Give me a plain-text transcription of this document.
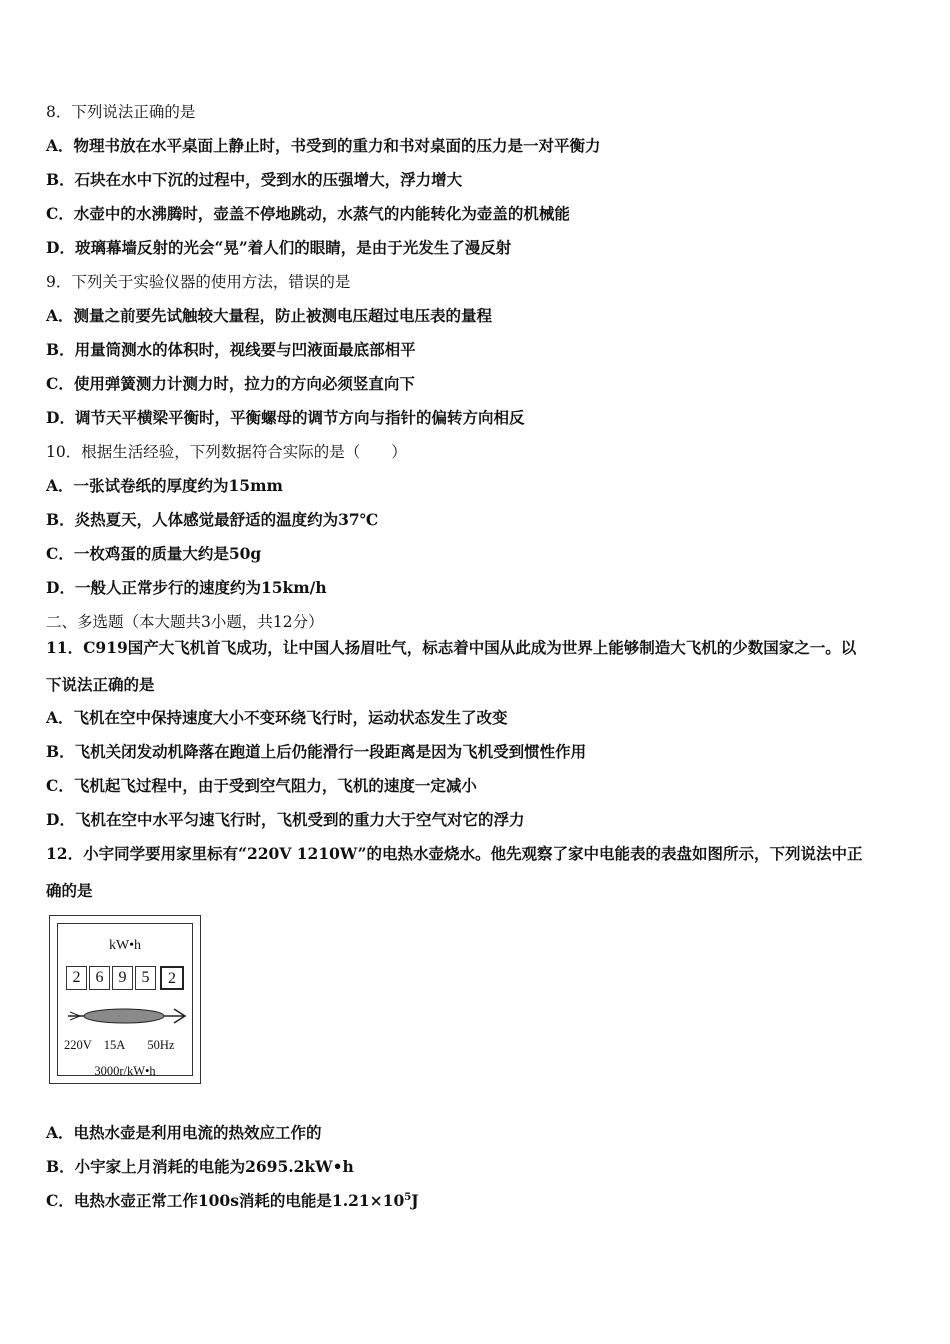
8．下列说法正确的是
A．物理书放在水平桌面上静止时，书受到的重力和书对桌面的压力是一对平衡力
B．石块在水中下沉的过程中，受到水的压强增大，浮力增大
C．水壶中的水沸腾时，壶盖不停地跳动，水蒸气的内能转化为壶盖的机械能
D．玻璃幕墙反射的光会“晃”着人们的眼睛，是由于光发生了漫反射
9．下列关于实验仪器的使用方法，错误的是
A．测量之前要先试触较大量程，防止被测电压超过电压表的量程
B．用量筒测水的体积时，视线要与凹液面最底部相平
C．使用弹簧测力计测力时，拉力的方向必须竖直向下
D．调节天平横梁平衡时，平衡螺母的调节方向与指针的偏转方向相反
10．根据生活经验，下列数据符合实际的是（　　）
A．一张试卷纸的厚度约为15mm
B．炎热夏天，人体感觉最舒适的温度约为37℃
C．一枚鸡蛋的质量大约是50g
D．一般人正常步行的速度约为15km/h
二、多选题（本大题共3小题，共12分）
11．C919国产大飞机首飞成功，让中国人扬眉吐气，标志着中国从此成为世界上能够制造大飞机的少数国家之一。以
下说法正确的是
A．飞机在空中保持速度大小不变环绕飞行时，运动状态发生了改变
B．飞机关闭发动机降落在跑道上后仍能滑行一段距离是因为飞机受到惯性作用
C．飞机起飞过程中，由于受到空气阻力，飞机的速度一定减小
D．飞机在空中水平匀速飞行时，飞机受到的重力大于空气对它的浮力
12．小宇同学要用家里标有“220V 1210W”的电热水壶烧水。他先观察了家中电能表的表盘如图所示，下列说法中正
确的是
kW•h
2 6 9 5	2
220V 15A 50Hz
3000r/kW•h
A．电热水壶是利用电流的热效应工作的
B．小宇家上月消耗的电能为2695.2kW•h
C．电热水壶正常工作100s消耗的电能是$1.21\times 10^5J$
